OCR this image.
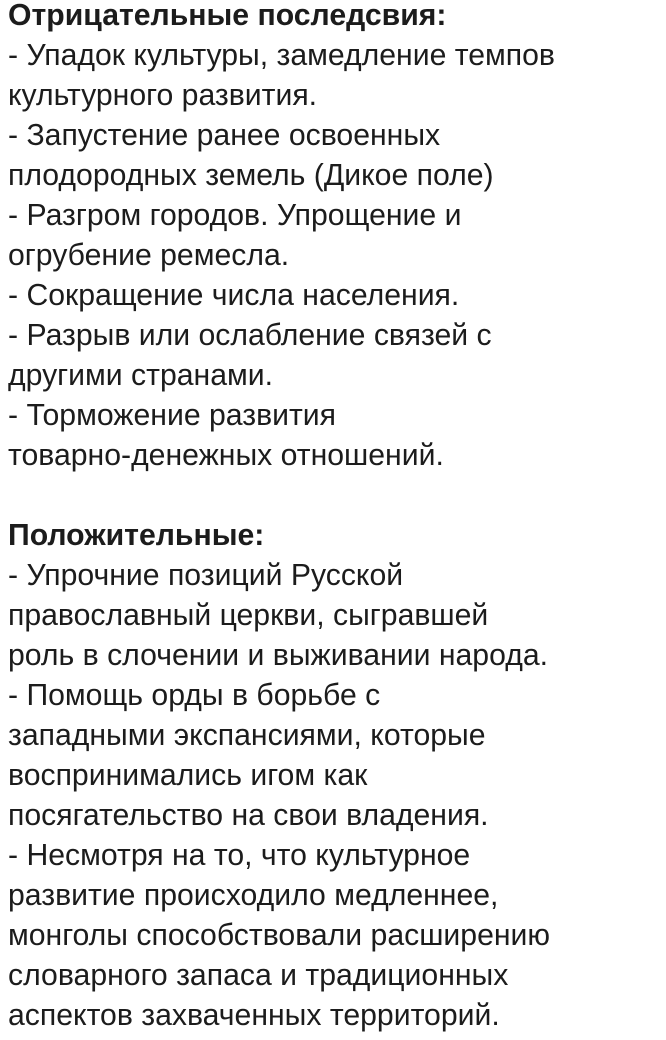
Отрицательные последсвия:

- Упадок культуры, замедление темпов

культурного развития.

- Запустение ранее освоенных

плодородных земель (Дикое поле)

- Разгром городов. Упрощение и

огрубение ремесла.

- Сокращение числа населения.

- Разрыв или ослабление связей с

другими странами.

- Торможение развития

товарно-денежных отношений.

Положительные:

- Упрочние позиций Русской

православный церкви, сыгравшей

роль в слочении и выживании народа.

- Помощь орды в борьбе с

западными экспансиями, которые

воспринимались игом как

посягательство на свои владения.

- Несмотря на то, что культурное

развитие происходило медленнее,

монголы способствовали расширению

словарного запаса и традиционных

аспектов захваченных территорий.
